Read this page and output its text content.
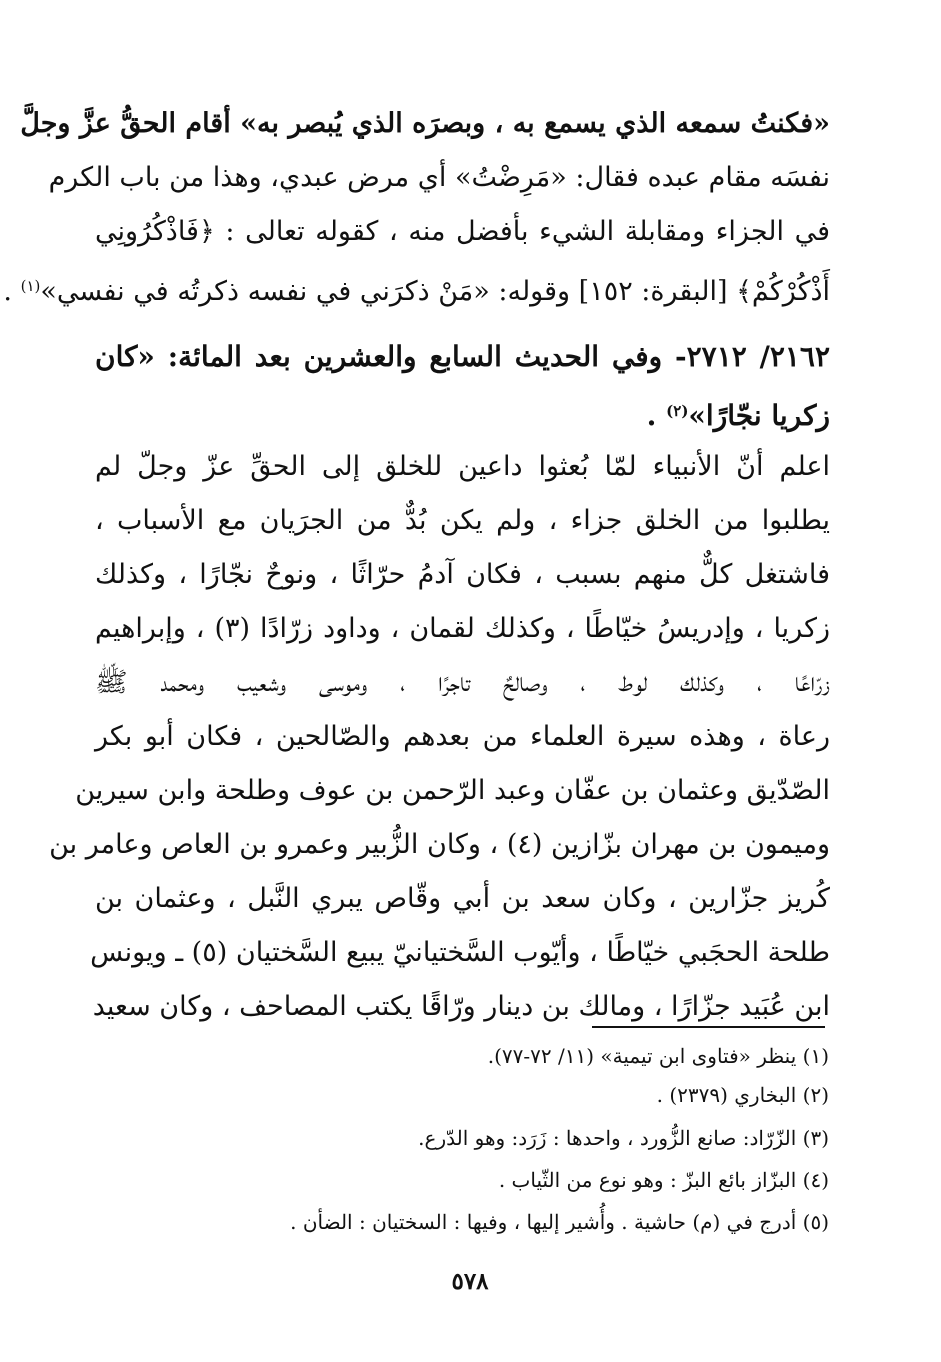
«فكنتُ سمعه الذي يسمع به ، وبصرَه الذي يُبصر به» أقام الحقُّ عزَّ وجلَّ
نفسَه مقام عبده فقال: «مَرِضْتُ» أي مرض عبدي، وهذا من باب الكرم
في الجزاء ومقابلة الشيء بأفضل منه ، كقوله تعالى : ﴿فَاذْكُرُونِي
أَذْكُرْكُمْ﴾ [البقرة: ١٥٢] وقوله: «مَنْ ذكرَني في نفسه ذكرتُه في نفسي»$^{(١)}$ .
٢١٦٢/ ٢٧١٢- وفي الحديث السابع والعشرين بعد المائة: «كان
زكريا نجّارًا»$^{(٢)}$ .
اعلم أنّ الأنبياء لمّا بُعثوا داعين للخلق إلى الحقِّ عزّ وجلّ لم
يطلبوا من الخلق جزاء ، ولم يكن بُدٌّ من الجرَيان مع الأسباب ،
فاشتغل كلٌّ منهم بسبب ، فكان آدمُ حرّاثًا ، ونوحٌ نجّارًا ، وكذلك
زكريا ، وإدريسُ خيّاطًا ، وكذلك لقمان ، وداود زرّادًا (٣) ، وإبراهيم
زرّاعًا ، وكذلك لوط ، وصالحٌ تاجرًا ، وموسى وشعيب ومحمد ﷺ
رعاة ، وهذه سيرة العلماء من بعدهم والصّالحين ، فكان أبو بكر
الصّدّيق وعثمان بن عفّان وعبد الرّحمن بن عوف وطلحة وابن سيرين
وميمون بن مهران بزّازين (٤) ، وكان الزُّبير وعمرو بن العاص وعامر بن
كُريز جزّارين ، وكان سعد بن أبي وقّاص يبري النَّبل ، وعثمان بن
طلحة الحجَبي خيّاطًا ، وأيّوب السَّختيانيّ يبيع السَّختيان (٥) ـ ويونس
ابن عُبَيد جزّارًا ، ومالك بن دينار ورّاقًا يكتب المصاحف ، وكان سعيد
(١) ينظر «فتاوى ابن تيمية» (١١/ ٧٢-٧٧).
(٢) البخاري (٢٣٧٩) .
(٣) الزّرّاد: صانع الزُّورد ، واحدها : زَرَد: وهو الدّرع.
(٤) البزّاز بائع البزّ : وهو نوع من الثّياب .
(٥) أدرج في (م) حاشية . وأُشير إليها ، وفيها : السختيان : الضأن .
٥٧٨
